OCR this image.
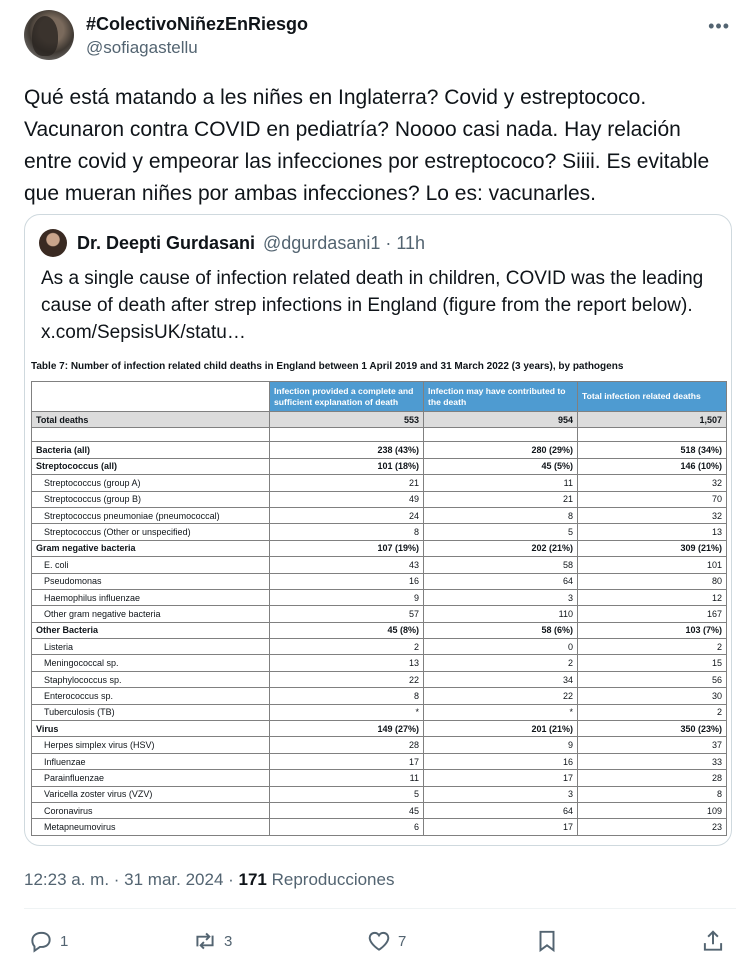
#ColectivoNiñezEnRiesgo
@sofiagastellu
•••

Qué está matando a les niñes en Inglaterra? Covid y estreptococo.

Vacunaron contra COVID en pediatría? Noooo casi nada. Hay relación

entre covid y empeorar las infecciones por estreptococo? Siiii. Es evitable

que mueran niñes por ambas infecciones? Lo es: vacunarles.

Dr. Deepti Gurdasani @dgurdasani1 · 11h

As a single cause of infection related death in children, COVID was the leading

cause of death after strep infections in England (figure from the report below).

x.com/SepsisUK/statu…

Table 7: Number of infection related child deaths in England between 1 April 2019 and 31 March 2022 (3 years), by pathogens
	Infection provided a complete and sufficient explanation of death	Infection may have contributed to the death	Total infection related deaths
Total deaths	553	954	1,507

Bacteria (all)	238 (43%)	280 (29%)	518 (34%)
Streptococcus (all)	101 (18%)	45 (5%)	146 (10%)
Streptococcus (group A)	21	11	32
Streptococcus (group B)	49	21	70
Streptococcus pneumoniae (pneumococcal)	24	8	32
Streptococcus (Other or unspecified)	8	5	13
Gram negative bacteria	107 (19%)	202 (21%)	309 (21%)
E. coli	43	58	101
Pseudomonas	16	64	80
Haemophilus influenzae	9	3	12
Other gram negative bacteria	57	110	167
Other Bacteria	45 (8%)	58 (6%)	103 (7%)
Listeria	2	0	2
Meningococcal sp.	13	2	15
Staphylococcus sp.	22	34	56
Enterococcus sp.	8	22	30
Tuberculosis (TB)	*	*	2
Virus	149 (27%)	201 (21%)	350 (23%)
Herpes simplex virus (HSV)	28	9	37
Influenzae	17	16	33
Parainfluenzae	11	17	28
Varicella zoster virus (VZV)	5	3	8
Coronavirus	45	64	109
Metapneumovirus	6	17	23
12:23 a. m. · 31 mar. 2024 · 171 Reproducciones
1	3	7
